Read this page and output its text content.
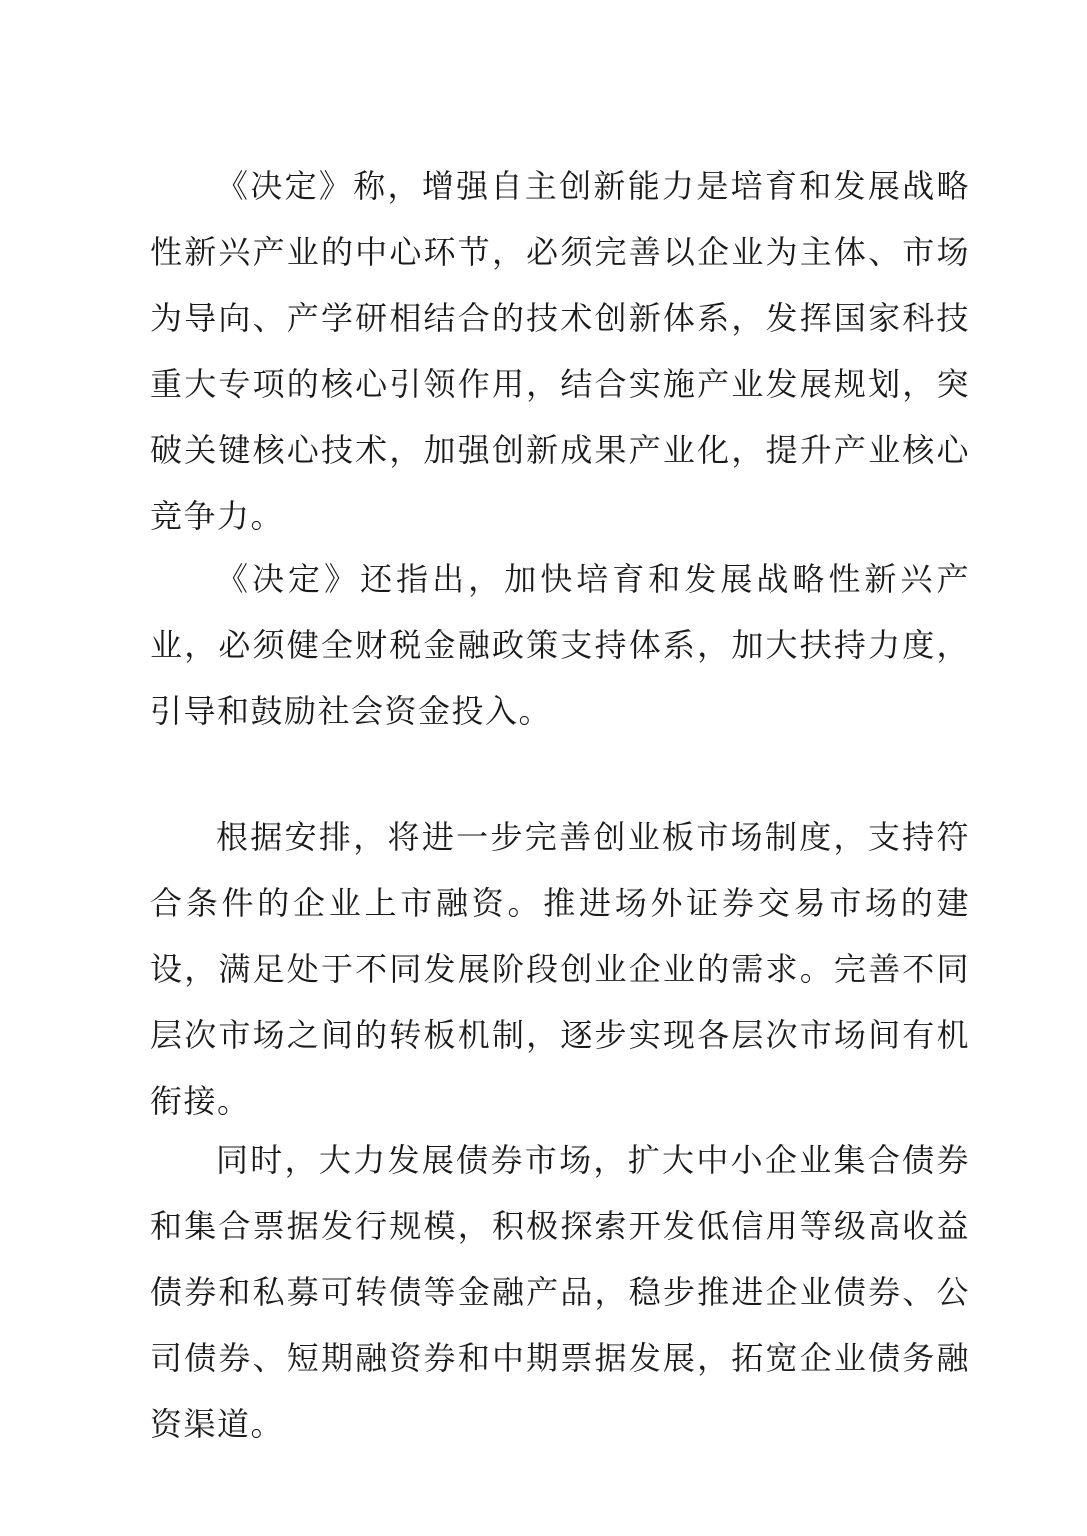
《决定》称，增强自主创新能力是培育和发展战略性新兴产业的中心环节，必须完善以企业为主体、市场为导向、产学研相结合的技术创新体系，发挥国家科技重大专项的核心引领作用，结合实施产业发展规划，突破关键核心技术，加强创新成果产业化，提升产业核心竞争力。

《决定》还指出，加快培育和发展战略性新兴产业，必须健全财税金融政策支持体系，加大扶持力度，引导和鼓励社会资金投入。

根据安排，将进一步完善创业板市场制度，支持符合条件的企业上市融资。推进场外证券交易市场的建设，满足处于不同发展阶段创业企业的需求。完善不同层次市场之间的转板机制，逐步实现各层次市场间有机衔接。

同时，大力发展债券市场，扩大中小企业集合债券和集合票据发行规模，积极探索开发低信用等级高收益债券和私募可转债等金融产品，稳步推进企业债券、公司债券、短期融资券和中期票据发展，拓宽企业债务融资渠道。
